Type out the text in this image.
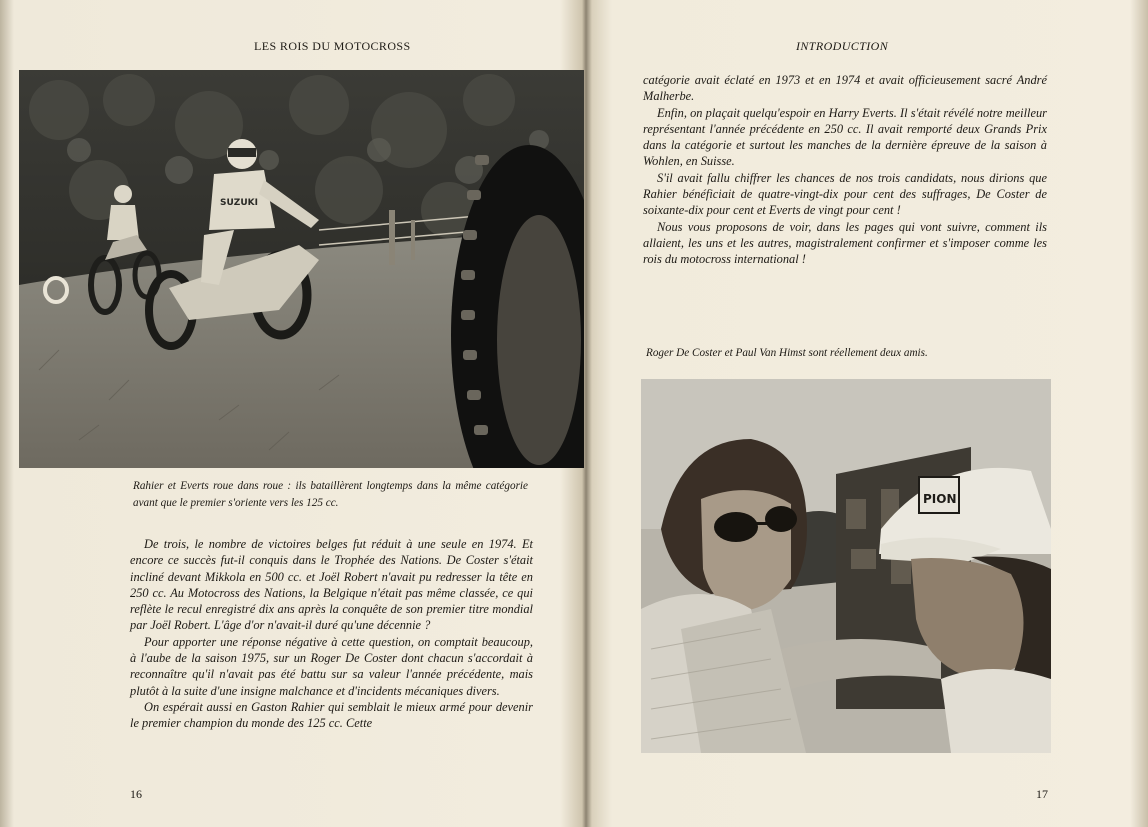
LES ROIS DU MOTOCROSS
SUZUKI
Rahier et Everts roue dans roue : ils bataillèrent longtemps dans la même catégorie avant que le premier s'oriente vers les 125 cc.

De trois, le nombre de victoires belges fut réduit à une seule en 1974. Et encore ce succès fut-il conquis dans le Trophée des Nations. De Coster s'était incliné devant Mikkola en 500 cc. et Joël Robert n'avait pu redresser la tête en 250 cc. Au Motocross des Nations, la Belgique n'était pas même classée, ce qui reflète le recul enregistré dix ans après la conquête de son premier titre mondial par Joël Robert. L'âge d'or n'avait-il duré qu'une décennie ?

Pour apporter une réponse négative à cette question, on comptait beaucoup, à l'aube de la saison 1975, sur un Roger De Coster dont chacun s'accordait à reconnaître qu'il n'avait pas été battu sur sa valeur l'année précédente, mais plutôt à la suite d'une insigne malchance et d'incidents mécaniques divers.

On espérait aussi en Gaston Rahier qui semblait le mieux armé pour devenir le premier champion du monde des 125 cc. Cette

16
INTRODUCTION

catégorie avait éclaté en 1973 et en 1974 et avait officieusement sacré André Malherbe.

Enfin, on plaçait quelqu'espoir en Harry Everts. Il s'était révélé notre meilleur représentant l'année précédente en 250 cc. Il avait remporté deux Grands Prix dans la catégorie et surtout les manches de la dernière épreuve de la saison à Wohlen, en Suisse.

S'il avait fallu chiffrer les chances de nos trois candidats, nous dirions que Rahier bénéficiait de quatre-vingt-dix pour cent des suffrages, De Coster de soixante-dix pour cent et Everts de vingt pour cent !

Nous vous proposons de voir, dans les pages qui vont suivre, comment ils allaient, les uns et les autres, magistralement confirmer et s'imposer comme les rois du motocross international !

Roger De Coster et Paul Van Himst sont réellement deux amis.
PION
17
